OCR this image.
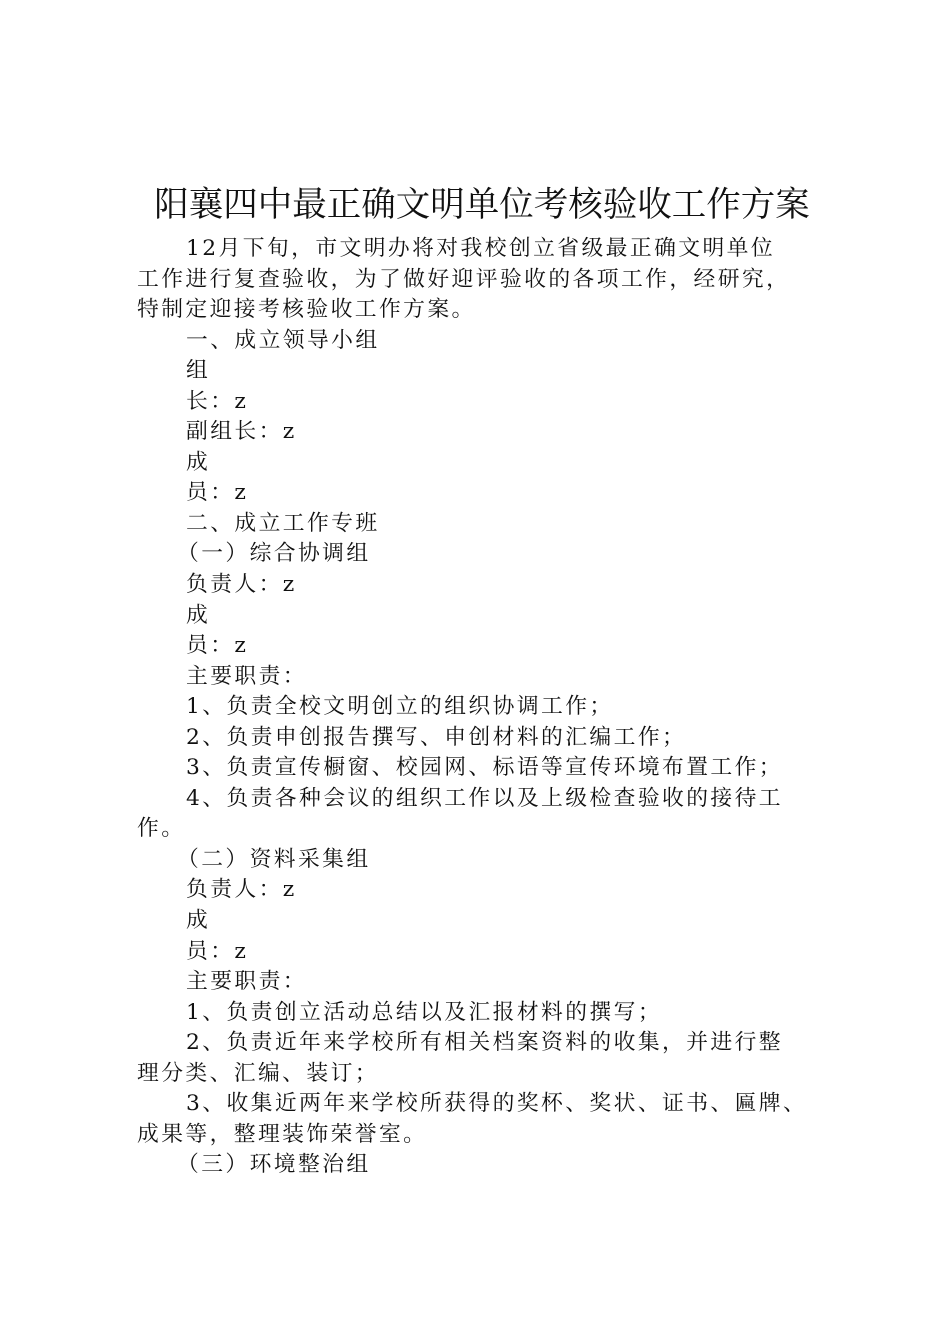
阳襄四中最正确文明单位考核验收工作方案
12月下旬，市文明办将对我校创立省级最正确文明单位
工作进行复查验收，为了做好迎评验收的各项工作，经研究，
特制定迎接考核验收工作方案。
一、成立领导小组
组
长：z
副组长：z
成
员：z
二、成立工作专班
（一）综合协调组
负责人：z
成
员：z
主要职责：
1、负责全校文明创立的组织协调工作；
2、负责申创报告撰写、申创材料的汇编工作；
3、负责宣传橱窗、校园网、标语等宣传环境布置工作；
4、负责各种会议的组织工作以及上级检查验收的接待工
作。
（二）资料采集组
负责人：z
成
员：z
主要职责：
1、负责创立活动总结以及汇报材料的撰写；
2、负责近年来学校所有相关档案资料的收集，并进行整
理分类、汇编、装订；
3、收集近两年来学校所获得的奖杯、奖状、证书、匾牌、
成果等，整理装饰荣誉室。
（三）环境整治组
